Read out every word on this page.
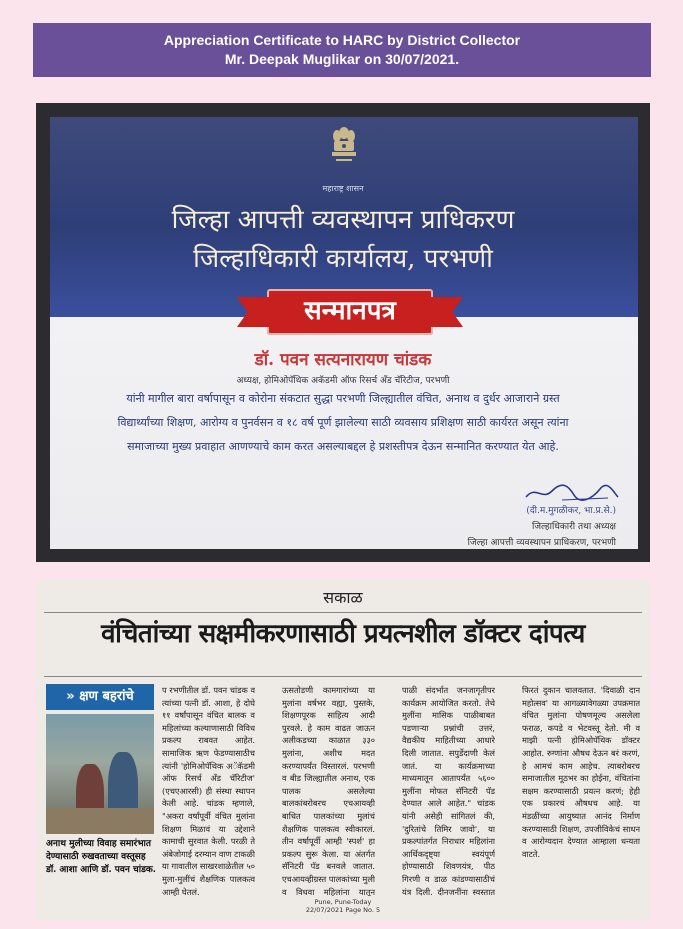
Appreciation Certificate to HARC by District Collector
Mr. Deepak Muglikar on 30/07/2021.
महाराष्ट्र शासन
जिल्हा आपत्ती व्यवस्थापन प्राधिकरण
जिल्हाधिकारी कार्यालय, परभणी
सन्मानपत्र
डॉ. पवन सत्यनारायण चांडक
अध्यक्ष, होमिओपॅथिक अकॅडमी ऑफ रिसर्च अँड चॅरिटीज, परभणी
यांनी मागील बारा वर्षापासून व कोरोना संकटात सुद्धा परभणी जिल्ह्यातील वंचित, अनाथ व दुर्धर आजाराने ग्रस्त
विद्यार्थ्यांच्या शिक्षण, आरोग्य व पुनर्वसन व १८ वर्ष पूर्ण झालेल्या साठी व्यवसाय प्रशिक्षण साठी कार्यरत असून त्यांना
समाजाच्या मुख्य प्रवाहात आणण्याचे काम करत असल्याबद्दल हे प्रशस्तीपत्र देऊन सन्मानित करण्यात येत आहे.
(दी.म.मुगळीकर, भा.प्र.से.)
जिल्हाधिकारी तथा अध्यक्ष
जिल्हा आपत्ती व्यवस्थापन प्राधिकरण, परभणी
सकाळ
वंचितांच्या सक्षमीकरणासाठी प्रयत्नशील डॉक्टर दांपत्य
» क्षण बहरांचे
अनाथ मुलीच्या विवाह समारंभात देण्यासाठी रुखवताच्या वस्तूसह डॉ. आशा आणि डॉ. पवन चांडक.
प रभणीतील डॉ. पवन चांडक व त्यांच्या पत्नी डॉ. आशा, हे दोघे ११ वर्षांपासून वंचित बालक व महिलांच्या कल्याणासाठी विविध प्रकल्प राबवत आहेत. सामाजिक ऋण फेडण्यासाठीच त्यांनी 'होमिओपॅथिक अॅकॅडमी ऑफ रिसर्च अँड चॅरिटीज' (एचएआरसी) ही संस्था स्थापन केली आहे. चांडक म्हणाले, "अकरा वर्षांपूर्वी वंचित मुलांना शिक्षण मिळावं या उद्देशाने कामाची सुरवात केली. परळी ते अंबेजोगाई दरम्यान वाण टाकळी या गावातील साखरशाळेतील ५० मुला-मुलींचं शैक्षणिक पालकत्व आम्ही घेतलं.
ऊसतोडणी कामगारांच्या या मुलांना वर्षभर वह्या, पुस्तके, शिक्षणपूरक साहित्य आदी पुरवले. हे काम वाढत जाऊन अलीकडच्या काळात ३३० मुलांना, अशीच मदत करण्यापर्यंत विस्तारलं. परभणी व बीड जिल्ह्यातील अनाथ, एक पालक असलेल्या बालकांबरोबरच एचआयव्ही बाधित पालकांच्या मुलांचं शैक्षणिक पालकत्व स्वीकारलं. तीन वर्षापूर्वी आम्ही 'स्पर्श' हा प्रकल्प सुरू केला. या अंतर्गत सॅनिटरी पॅड बनवले जातात. एचआयव्हीग्रस्त पालकांच्या मुली व विधवा महिलांना यातून
पाळी संदर्भात जनजागृतीपर कार्यक्रम आयोजित करतो. तेथे मुलींना मासिक पाळीबाबत पडणाऱ्या प्रश्नांची उत्तरं, वैद्यकीय माहितीच्या आधारे दिली जातात. सपुर्डेदाणी केलं जातं. या कार्यक्रमाच्या माध्यमातून आतापर्यंत ५६०० मुलींना मोफत सॅनिटरी पॅड देण्यात आले आहेत." चांडक यांनी असेही सांगितलं की, 'दुरितांचे तिमिर जावो', या प्रकल्पांतर्गत निराधार महिलांना आर्थिकदृष्ट्या स्वयंपूर्ण होण्यासाठी शिवणयंत्र, पीठ गिरणी व डाळ कांडण्यासाठीचं यंत्र दिली. दीनजनींना स्वस्तात
फिरतं दुकान चालवतात. 'दिवाळी दान महोत्सव' या आगळ्यावेगळ्या उपक्रमात वंचित मुलांना पोषणमूल्य असलेला फराळ, कपडे व भेटवस्तू देतो. मी व माझी पत्नी होमिओपॅथिक डॉक्टर आहोत. रुग्णांना औषध देऊन बरं करणं, हे आमचं काम आहेच. त्याबरोबरच समाजातील मूठभर का होईना, वंचितांना सक्षम करण्यासाठी प्रयत्न करणं; हेही एक प्रकारचं औषधच आहे. या मंडळींच्या आयुष्यात आनंद निर्माण करण्यासाठी शिक्षण, उपजीविकेचं साधन व आरोग्यदान देण्यात आम्हाला धन्यता वाटते.
Pune, Pune-Today
22/07/2021 Page No. 5
